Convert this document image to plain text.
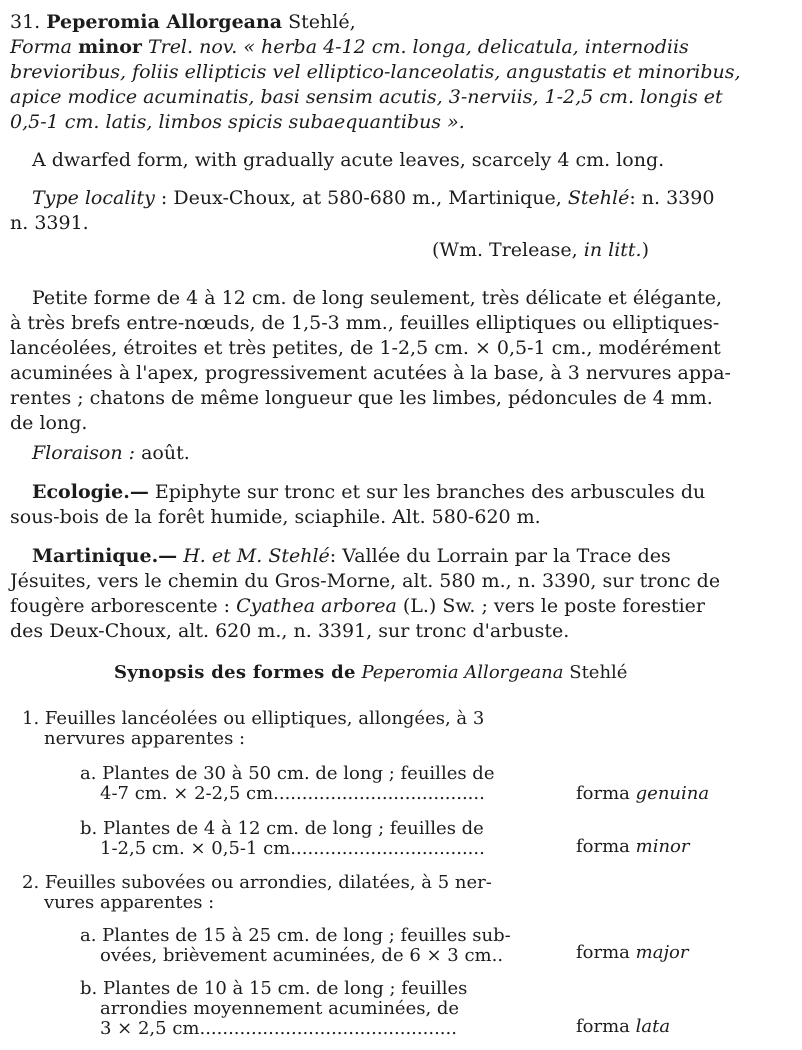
31. Peperomia Allorgeana Stehlé,
Forma minor Trel. nov. « herba 4-12 cm. longa, delicatula, internodiis
brevioribus, foliis ellipticis vel elliptico-lanceolatis, angustatis et minoribus,
apice modice acuminatis, basi sensim acutis, 3-nerviis, 1-2,5 cm. longis et
0,5-1 cm. latis, limbos spicis subaequantibus ».
A dwarfed form, with gradually acute leaves, scarcely 4 cm. long.
Type locality : Deux-Choux, at 580-680 m., Martinique, Stehlé: n. 3390
n. 3391.
(Wm. Trelease, in litt.)
Petite forme de 4 à 12 cm. de long seulement, très délicate et élégante,
à très brefs entre-nœuds, de 1,5-3 mm., feuilles elliptiques ou elliptiques-
lancéolées, étroites et très petites, de 1-2,5 cm. × 0,5-1 cm., modérément
acuminées à l'apex, progressivement acutées à la base, à 3 nervures appa-
rentes ; chatons de même longueur que les limbes, pédoncules de 4 mm.
de long.
Floraison : août.
Ecologie.— Epiphyte sur tronc et sur les branches des arbuscules du
sous-bois de la forêt humide, sciaphile. Alt. 580-620 m.
Martinique.— H. et M. Stehlé: Vallée du Lorrain par la Trace des
Jésuites, vers le chemin du Gros-Morne, alt. 580 m., n. 3390, sur tronc de
fougère arborescente : Cyathea arborea (L.) Sw. ; vers le poste forestier
des Deux-Choux, alt. 620 m., n. 3391, sur tronc d'arbuste.
Synopsis des formes de Peperomia Allorgeana Stehlé
1. Feuilles lancéolées ou elliptiques, allongées, à 3
nervures apparentes :
a. Plantes de 30 à 50 cm. de long ; feuilles de
4-7 cm. × 2-2,5 cm.....................................	forma genuina
b. Plantes de 4 à 12 cm. de long ; feuilles de
1-2,5 cm. × 0,5-1 cm..................................	forma minor
2. Feuilles subovées ou arrondies, dilatées, à 5 ner-
vures apparentes :
a. Plantes de 15 à 25 cm. de long ; feuilles sub-
ovées, brièvement acuminées, de 6 × 3 cm..	forma major
b. Plantes de 10 à 15 cm. de long ; feuilles
arrondies moyennement acuminées, de
3 × 2,5 cm.............................................	forma lata
